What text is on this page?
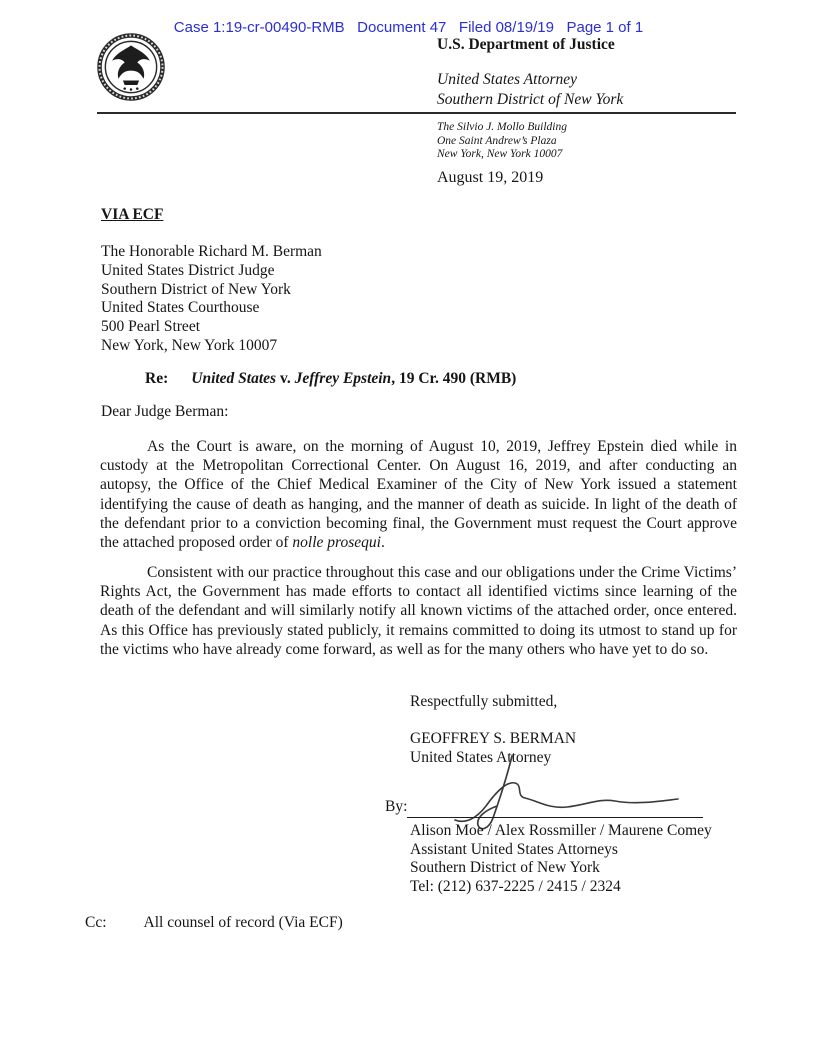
Case 1:19-cr-00490-RMB   Document 47   Filed 08/19/19   Page 1 of 1
U.S. Department of Justice
United States Attorney
Southern District of New York
The Silvio J. Mollo Building
One Saint Andrew’s Plaza
New York, New York 10007
August 19, 2019
VIA ECF
The Honorable Richard M. Berman
United States District Judge
Southern District of New York
United States Courthouse
500 Pearl Street
New York, New York 10007
Re: United States v. Jeffrey Epstein, 19 Cr. 490 (RMB)
Dear Judge Berman:
As the Court is aware, on the morning of August 10, 2019, Jeffrey Epstein died while in custody at the Metropolitan Correctional Center. On August 16, 2019, and after conducting an autopsy, the Office of the Chief Medical Examiner of the City of New York issued a statement identifying the cause of death as hanging, and the manner of death as suicide. In light of the death of the defendant prior to a conviction becoming final, the Government must request the Court approve the attached proposed order of nolle prosequi.
Consistent with our practice throughout this case and our obligations under the Crime Victims’ Rights Act, the Government has made efforts to contact all identified victims since learning of the death of the defendant and will similarly notify all known victims of the attached order, once entered. As this Office has previously stated publicly, it remains committed to doing its utmost to stand up for the victims who have already come forward, as well as for the many others who have yet to do so.
Respectfully submitted,
GEOFFREY S. BERMAN
United States Attorney
By:
Alison Moe / Alex Rossmiller / Maurene Comey
Assistant United States Attorneys
Southern District of New York
Tel: (212) 637-2225 / 2415 / 2324
Cc: All counsel of record (Via ECF)
